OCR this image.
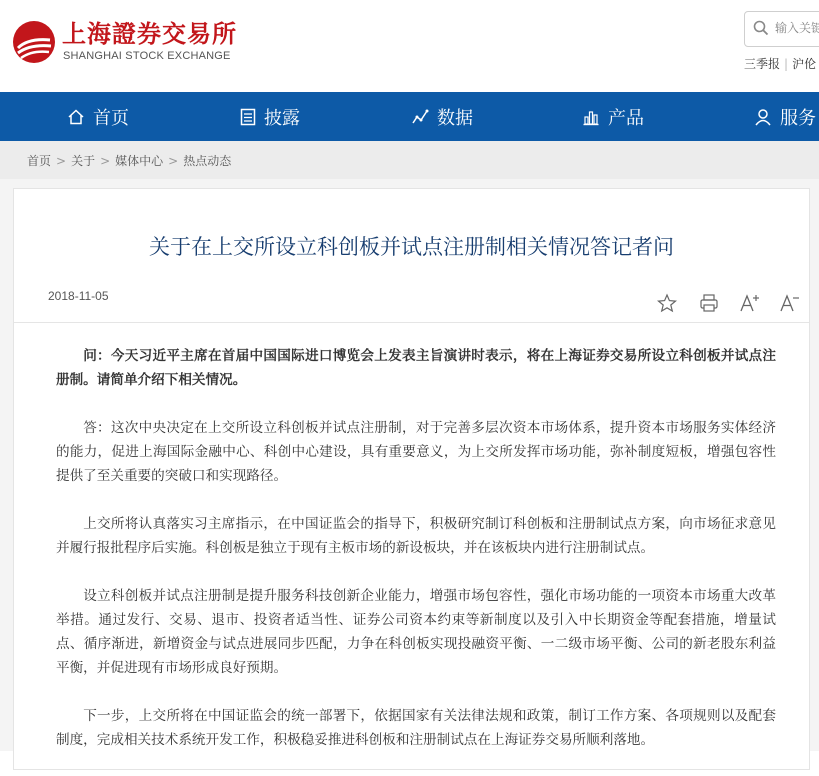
上海證券交易所
SHANGHAI STOCK EXCHANGE
输入关键
三季报 | 沪伦
首页	披露	数据	产品	服务
首页 > 关于 > 媒体中心 > 热点动态
关于在上交所设立科创板并试点注册制相关情况答记者问
2018-11-05

问：今天习近平主席在首届中国国际进口博览会上发表主旨演讲时表示，将在上海证券交易所设立科创板并试点注册制。请简单介绍下相关情况。

答：这次中央决定在上交所设立科创板并试点注册制，对于完善多层次资本市场体系，提升资本市场服务实体经济的能力，促进上海国际金融中心、科创中心建设，具有重要意义，为上交所发挥市场功能，弥补制度短板，增强包容性提供了至关重要的突破口和实现路径。

上交所将认真落实习主席指示，在中国证监会的指导下，积极研究制订科创板和注册制试点方案，向市场征求意见并履行报批程序后实施。科创板是独立于现有主板市场的新设板块，并在该板块内进行注册制试点。

设立科创板并试点注册制是提升服务科技创新企业能力，增强市场包容性，强化市场功能的一项资本市场重大改革举措。通过发行、交易、退市、投资者适当性、证券公司资本约束等新制度以及引入中长期资金等配套措施，增量试点、循序渐进，新增资金与试点进展同步匹配，力争在科创板实现投融资平衡、一二级市场平衡、公司的新老股东利益平衡，并促进现有市场形成良好预期。

下一步，上交所将在中国证监会的统一部署下，依据国家有关法律法规和政策，制订工作方案、各项规则以及配套制度，完成相关技术系统开发工作，积极稳妥推进科创板和注册制试点在上海证券交易所顺利落地。
